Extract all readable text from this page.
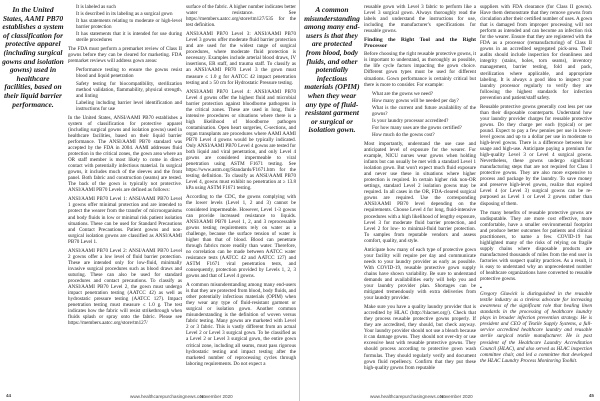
In the United States, AAMI PB70 establishes a system of classification for protective apparel (including surgical gowns and isolation gowns) used in healthcare facilities, based on their liquid barrier performance.
• It is labeled as such
• It is described in its labeling as a surgical gown
• It has statements relating to moderate or high-level barrier protection
• It has statements that it is intended for use during sterile procedures

The FDA must perform a premarket review of Class II gowns before they can be cleared for marketing. FDA premarket reviews will address gown areas:

• Performance testing to ensure the gowns resist blood and liquid penetration
• Safety testing for biocompatibility, sterilization method validation, flammability, physical strength, and linting
• Labeling including barrier level identification and instructions for use

In the United States, ANSI/AAMI PB70 establishes a system of classification for protective apparel (including surgical gowns and isolation gowns) used in healthcare facilities, based on their liquid barrier performance. The ANSI/AAMI PB70 standard was accepted by the FDA in 2004. AAMI addresses fluid protection in the critical zones, the gown area where an OR staff member is most likely to come in direct contact with potentially infectious material. In surgical gowns, it includes much of the sleeves and the front panel. Both fabric and construction (seams) are tested. The back of the gown is typically not protective. ANSI/AAMI PB70 Levels are defined as follows:

ANSI/AAMI PB70 Level 1: ANSI/AAMI PB70 Level 1 gowns offer minimal protection and are intended to protect the wearer from the transfer of microorganisms and body fluids in low or minimal risk patient isolation situations. These can be used for Standard Precautions and Contact Precautions. Patient gowns and non-surgical isolation gowns are classified as ANSI/AAMI PB70 Level 1.

ANSI/AAMI PB70 Level 2: ANSI/AAMI PB70 Level 2 gowns offer a low level of fluid barrier protection. These are intended only for low-fluid, minimally invasive surgical procedures such as blood draws and suturing. These can also be used for standard procedures and contact precautions. To classify as ANSI/AAMI PB70 Level 2, the gown must undergo impact penetration testing (AATCC 42) as well as hydrostatic pressure testing (AATCC 127). Impact penetration testing must measure ≤ 1.0 g. The test indicates how the fabric will resist strikethrough when fluids splash or spray onto the fabric. Please see https://members.aatcc.org/store/tm127/

surface of the fabric. A higher number indicates better water resistance. See https://members.aatcc.org/store/tm127/535 for the test definition.

ANSI/AAMI PB70 Level 3: ANSI/AAMI PB70 Level 3 gowns offer moderate fluid barrier protection and are used for the widest range of surgical procedures, where moderate fluid protection is necessary. Examples include arterial blood draws, IV insertions, ER staff, and trauma staff. To classify as an ANSI/AAMI PB70 Level 3 the gown must measure ≤ 1.0 g for AATCC 42 impact penetration testing and ≥ 50 cm for Hydrostatic Pressure testing.

ANSI/AAMI PB70 Level 4: ANSI/AAMI PB70 Level 4 gowns offer the highest fluid and microbial barrier protection against bloodborne pathogens in the critical zones. These are used in long, fluid-intensive procedures or situations where there is a high likelihood of bloodborne pathogen contamination. Open heart surgeries, C-sections, and organ transplants are procedures where AAMI AAMI PB70 Level 4 gowns would be typically indicated. Only ANSI/AAMI PB70 Level 4 gowns are tested for both liquid and viral penetration, and only Level 4 gowns are considered impermeable to viral penetration using ASTM F1671 testing. See https://www.astm.org/Standards/F1671.htm for the testing definition. To classify as ANSI/AAMI PB70 Level 4, gowns must exhibit no penetration at ≥ 13.8 kPa using ASTM F1671 testing.

According to the CDC, the gowns complying with the lower levels (Level 1, 2 and 3) cannot be considered impermeable. However, Level 1-3 gowns can provide increased resistance to liquids. ANSI/AAMI PB70 Level 1, 2, and 3 reprocessable gowns testing requirements rely on water as a challenge, because the surface tension of water is higher than that of blood. Blood can penetrate through fabrics more readily than water. Therefore, no correlation can be made between AATCC water resistance tests (AATCC 42 and AATCC 127) and ASTM F1671 viral penetration tests, and consequently, protection provided by Levels 1, 2, 3 gowns and that of Level 4 gowns.

A common misunderstanding among many end-users is that they are protected from blood, body fluids, and other potentially infectious materials (OPIM) when they wear any type of fluid-resistant garment or surgical or isolation gown. Another common misunderstanding is the definition of woven versus fabric testing. Many gowns are marketed with Level 2 or 3 fabric. This is vastly different from an actual Level 2 or Level 3 surgical gown. To be classified as a Level 2 or Level 3 surgical gown, the entire gown critical zone, including all seams, must pass rigorous hydrostatic testing and impact testing after the marketed number of reprocessing cycles through laboring requirements. Do not expect a

A common misunderstanding among many end-users is that they are protected from blood, body fluids, and other potentially infectious materials (OPIM) when they wear any type of fluid-resistant garment or surgical or isolation gown.

reusable gown with Level 3 fabric to perform like a Level 3 surgical gown. Always thoroughly read the labels and understand the instructions for use, including the manufacturer's specifications for reusable gowns.

Finding the Right Tool and the Right Processor

Before choosing the right reusable protective gowns, it is important to understand, as thoroughly as possible, the life cycle factors impacting the gown choice. Different gown types must be used for different situations. Gown performance is certainly critical but there is more to consider. For example:

• What are the gowns we need?
• How many gowns will be needed per day?
• What is the current and future availability of the gowns?
• Is your laundry processor accredited?
• For how many uses are the gowns certified?
• How much do the gowns cost?

Most importantly, understand the use case and anticipated level of exposure for the wearer. For example, NICU nurses wear gowns when holding infants but can usually be met with a standard Level 1 isolation gown. But won't expect much fluid exposure and never use these in situations where higher protection is required. In certain higher risk non-OR settings, standard Level 2 isolation gowns may be required. In all cases in the OR, FDA-cleared surgical gowns are required. Use the corresponding ANSI/AAMI PB70 level depending on the requirements. Choose Level 4 for long, fluid-intensive procedures with a high likelihood of lengthy exposure, Level 3 for moderate fluid barrier protection, and Level 2 for low- to minimal-fluid barrier protection. To samples from reputable vendors and assess comfort, quality, and style.

Anticipate how many of each type of protective gown your facility will require per day and communicate needs to your laundry provider as early as possible. With COVID-19, reusable protective gown supply chains have shown variability. Be sure to understand demands and availabilities early will help you and your laundry provider plan. Shortages can be mitigated tremendously with extra deliveries from your laundry provider.

Make sure you have a quality laundry provider that is accredited by HLAC (http://hlacnet.org/). Check that they process reusable protective gowns properly. If they are accredited, they should, but check anyway. Your laundry provider should not use a bleach because it can damage gowns. They should not over-dry or use excessive heat with reusable protective gowns. They should process according to protective gown wash formulas. They should regularly verify and document gown fluid repellency. Confirm that they put these high-quality gowns from reputable

suppliers with FDA clearance (for Class II gowns). Have them demonstrate that they remove gowns from circulation after their certified number of uses. A gown that is damaged from improper processing will not perform as intended and can become an infection risk for the wearer. Ensure that they are registered with the FDA as a processor (remanufacturing) of Class II gowns in an accredited segregated pick-area. Their audits should include inspection for cleanliness and integrity (stains, holes, torn seams), inventory management, barrier testing, fold and pack, sterilization where applicable, and appropriate labeling. It is always a good idea to inspect your laundry processor regularly to verify they are following the highest standards for infection prevention and patient/staff safety.

Reusable protective gowns generally cost less per use than their disposable counterparts. Understand how your laundry provider charges for reusable protective gowns. Do they charge per each (typical) or per pound. Expect to pay a few pennies per use in lower-level gowns and up to a dollar per use in moderate to high-level gowns. There is a difference between low usage and high-use. Anticipate paying a premium for high-quality Level 3 or Level 4 surgical gowns. Nevertheless, these gowns undergo significant manufacturing steps that are not required for Class I protective gowns. They are also more expensive to process and package by the laundry. To save money and preserve high-level gowns, realize that expired Level 4 (or Level 3) surgical gowns can be re-purposed as Level 1 or Level 2 gowns rather than disposing of them.

The many benefits of reusable protective gowns are undisputable. They are more cost effective, more comfortable, have a smaller environmental footprint and produce better outcomes for patients and clinical practitioners, to name a few. COVID-19 has highlighted many of the risks of relying on fragile supply chains where disposable products are manufactured thousands of miles from the end user in factories with suspect quality practices. As a result, it is easy to understand why an unprecedented number of healthcare organizations have converted to reusable protective gowns.

▪

Gregory Gluwick is distinguished in the reusable textile industry as a tireless advocate for increasing awareness of the significant role that healing linen standards in the processing of healthcare laundry plays in broader infection prevention strategy. He is president and CEO of Textile Supply Systems, a full-service accredited healthcare laundry and reusable sterile surgical textile manufacturer. He is past president of the Healthcare Laundry Accreditation Council (HLAC), and also served as HLAC inspection committee chair, and led a committee that developed the HLAC Laundry Process Monitoring Toolkit.

44	www.healthcarepurchasingnews.com
November 2020	www.healthcarepurchasingnews.com
November 2020	45
